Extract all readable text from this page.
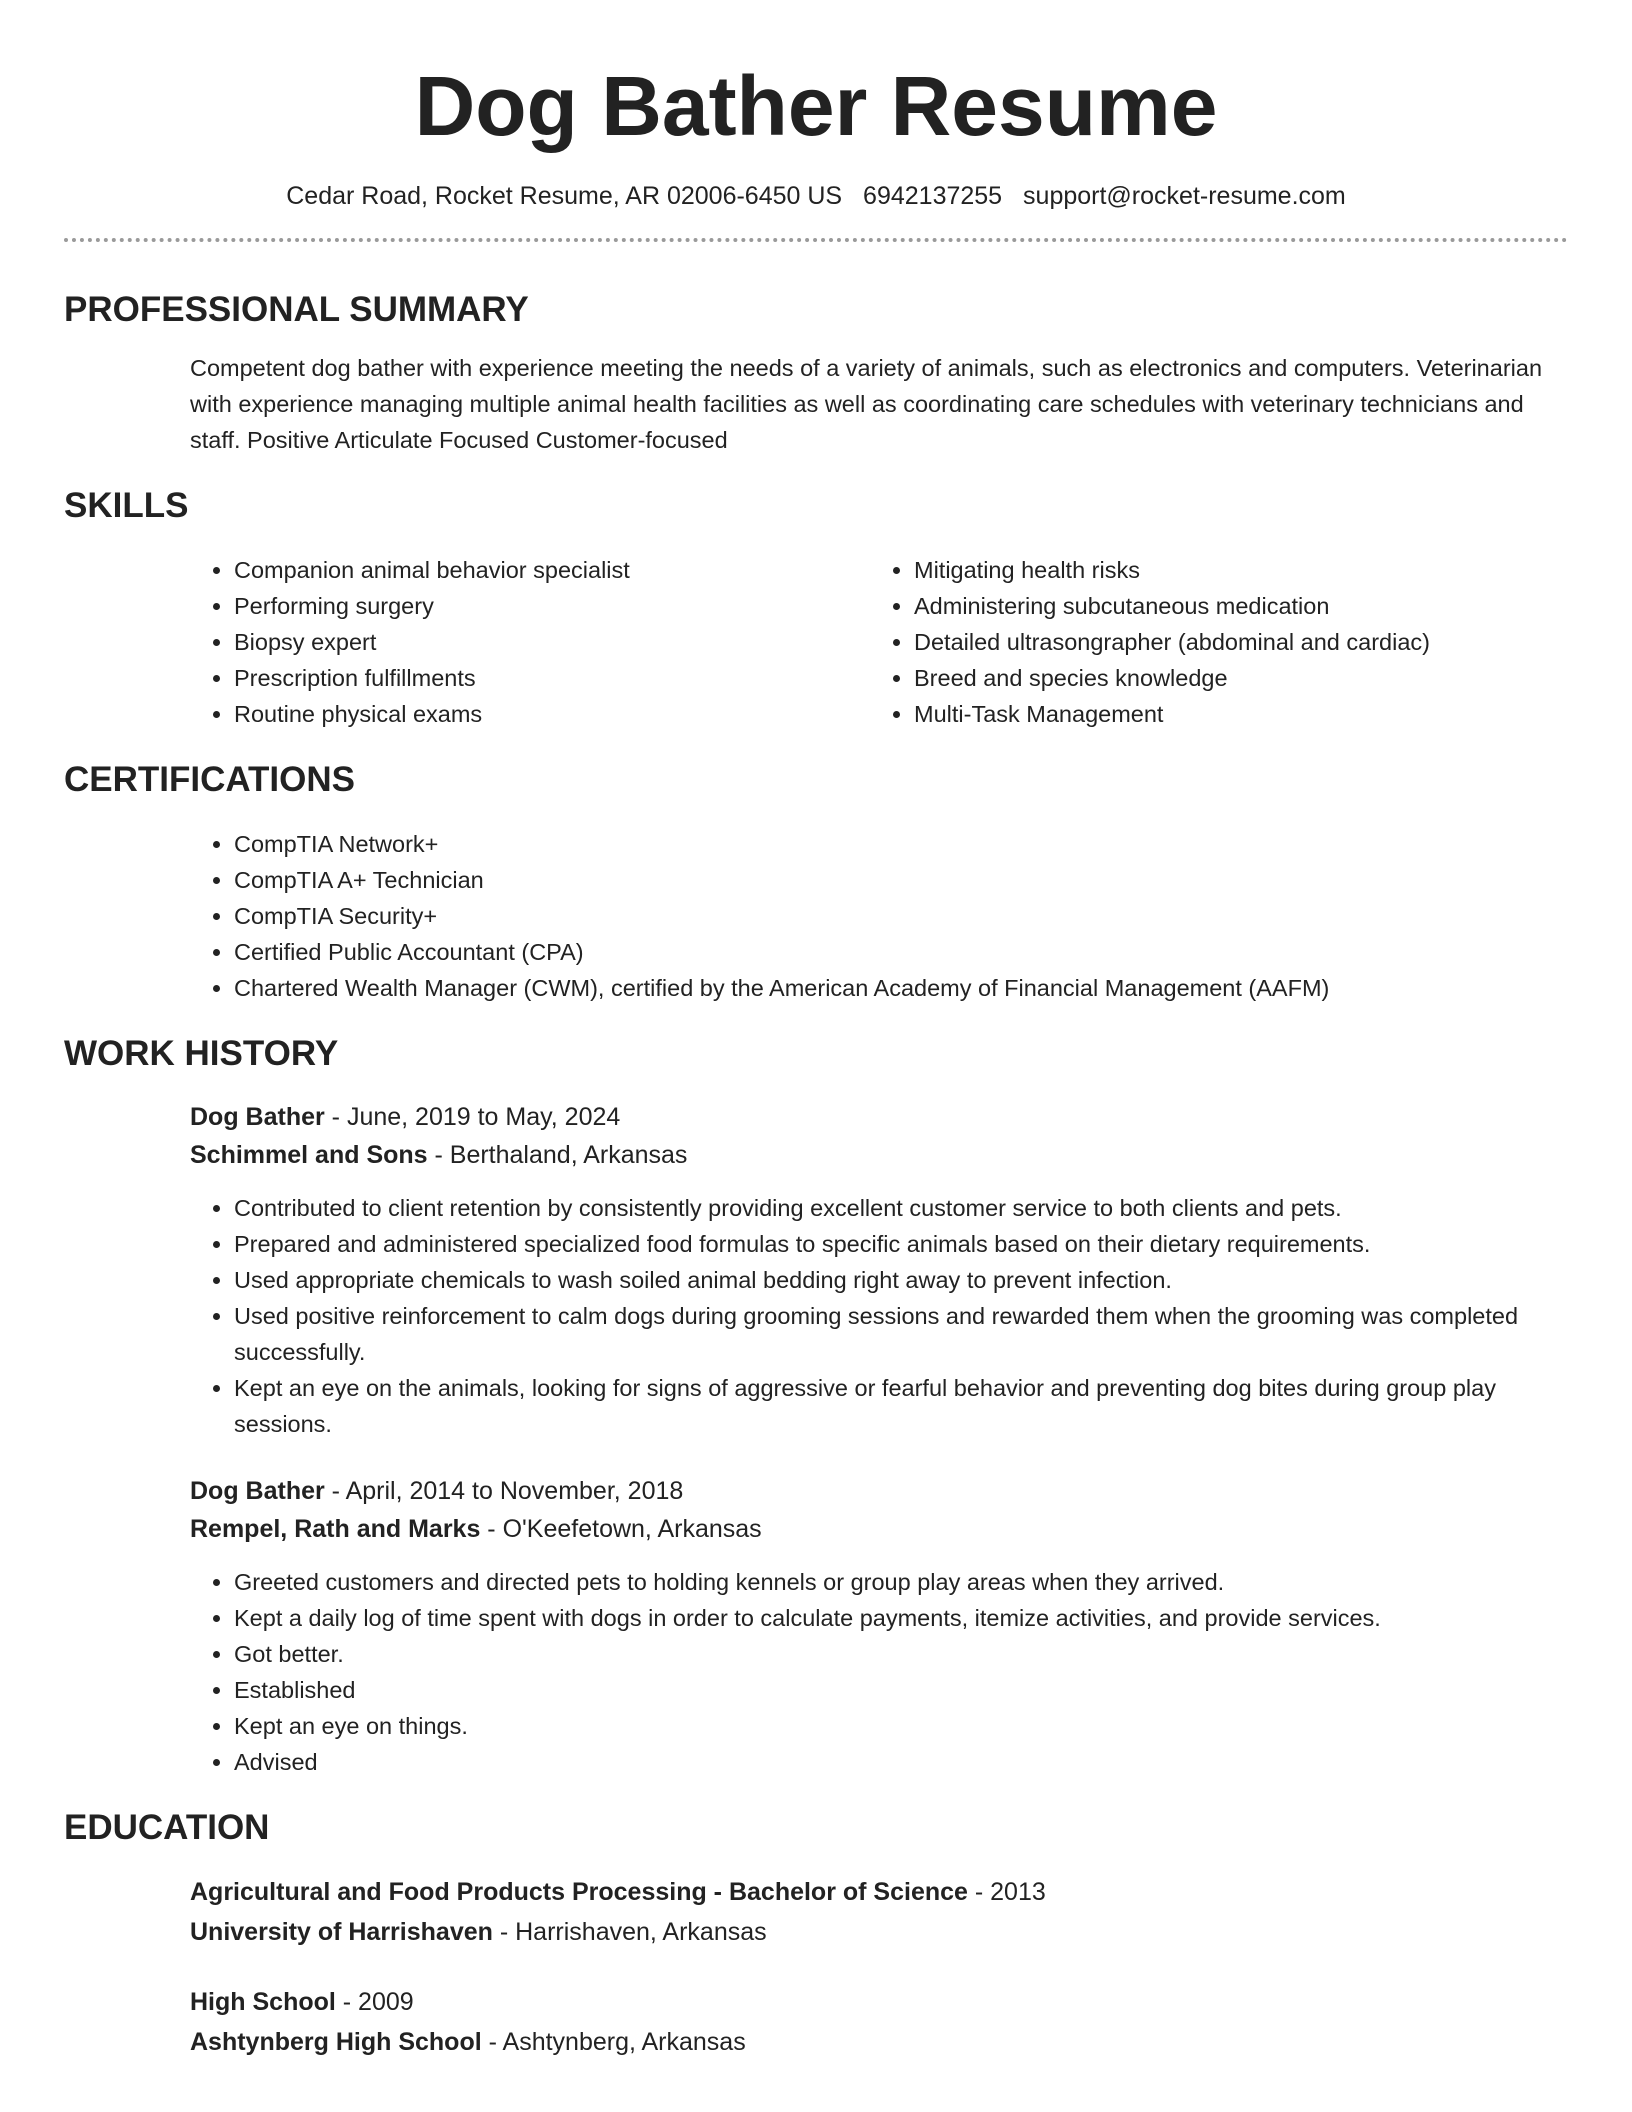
Dog Bather Resume
Cedar Road, Rocket Resume, AR 02006-6450 US 6942137255 support@rocket-resume.com
PROFESSIONAL SUMMARY

Competent dog bather with experience meeting the needs of a variety of animals, such as electronics and computers. Veterinarian with experience managing multiple animal health facilities as well as coordinating care schedules with veterinary technicians and staff. Positive Articulate Focused Customer-focused

SKILLS
• Companion animal behavior specialist
• Performing surgery
• Biopsy expert
• Prescription fulfillments
• Routine physical exams
• Mitigating health risks
• Administering subcutaneous medication
• Detailed ultrasongrapher (abdominal and cardiac)
• Breed and species knowledge
• Multi-Task Management
CERTIFICATIONS
• CompTIA Network+
• CompTIA A+ Technician
• CompTIA Security+
• Certified Public Accountant (CPA)
• Chartered Wealth Manager (CWM), certified by the American Academy of Financial Management (AAFM)
WORK HISTORY
Dog Bather - June, 2019 to May, 2024
Schimmel and Sons - Berthaland, Arkansas
• Contributed to client retention by consistently providing excellent customer service to both clients and pets.
• Prepared and administered specialized food formulas to specific animals based on their dietary requirements.
• Used appropriate chemicals to wash soiled animal bedding right away to prevent infection.
• Used positive reinforcement to calm dogs during grooming sessions and rewarded them when the grooming was completed successfully.
• Kept an eye on the animals, looking for signs of aggressive or fearful behavior and preventing dog bites during group play sessions.
Dog Bather - April, 2014 to November, 2018
Rempel, Rath and Marks - O'Keefetown, Arkansas
• Greeted customers and directed pets to holding kennels or group play areas when they arrived.
• Kept a daily log of time spent with dogs in order to calculate payments, itemize activities, and provide services.
• Got better.
• Established
• Kept an eye on things.
• Advised
EDUCATION
Agricultural and Food Products Processing - Bachelor of Science - 2013
University of Harrishaven - Harrishaven, Arkansas
High School - 2009
Ashtynberg High School - Ashtynberg, Arkansas
